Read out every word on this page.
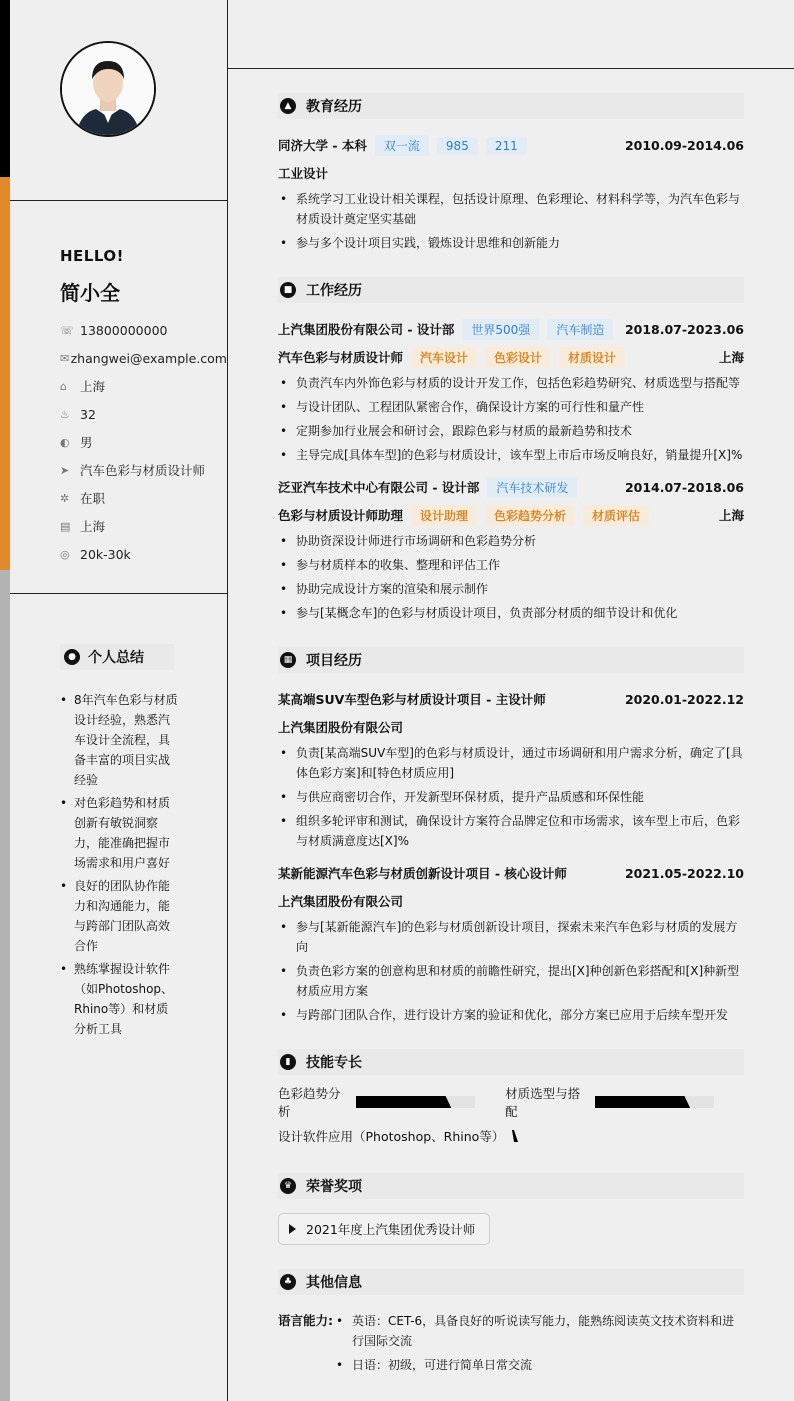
HELLO!
简小全
☏ 13800000000
✉ zhangwei@example.com
⌂	上海
♨ 32
◐ 男
➤ 汽车色彩与材质设计师
✲ 在职
▤ 上海
◎ 20k-30k
● 个人总结
• 8年汽车色彩与材质设计经验，熟悉汽车设计全流程，具备丰富的项目实战经验
• 对色彩趋势和材质创新有敏锐洞察力，能准确把握市场需求和用户喜好
• 良好的团队协作能力和沟通能力，能与跨部门团队高效合作
• 熟练掌握设计软件（如Photoshop、Rhino等）和材质分析工具
▲	教育经历
同济大学 - 本科	双一流 985 211	2010.09-2014.06
工业设计
• 系统学习工业设计相关课程，包括设计原理、色彩理论、材料科学等，为汽车色彩与材质设计奠定坚实基础
• 参与多个设计项目实践，锻炼设计思维和创新能力
■ 工作经历
上汽集团股份有限公司 - 设计部	世界500强	汽车制造	2018.07-2023.06
汽车色彩与材质设计师	汽车设计	色彩设计	材质设计	上海
• 负责汽车内外饰色彩与材质的设计开发工作，包括色彩趋势研究、材质选型与搭配等
• 与设计团队、工程团队紧密合作，确保设计方案的可行性和量产性
• 定期参加行业展会和研讨会，跟踪色彩与材质的最新趋势和技术
• 主导完成[具体车型]的色彩与材质设计，该车型上市后市场反响良好，销量提升[X]%
泛亚汽车技术中心有限公司 - 设计部	汽车技术研发	2014.07-2018.06
色彩与材质设计师助理	设计助理	色彩趋势分析	材质评估	上海
• 协助资深设计师进行市场调研和色彩趋势分析
• 参与材质样本的收集、整理和评估工作
• 协助完成设计方案的渲染和展示制作
• 参与[某概念车]的色彩与材质设计项目，负责部分材质的细节设计和优化
▦ 项目经历
某高端SUV车型色彩与材质设计项目 - 主设计师	2020.01-2022.12
上汽集团股份有限公司
• 负责[某高端SUV车型]的色彩与材质设计，通过市场调研和用户需求分析，确定了[具体色彩方案]和[特色材质应用]
• 与供应商密切合作，开发新型环保材质，提升产品质感和环保性能
• 组织多轮评审和测试，确保设计方案符合品牌定位和市场需求，该车型上市后，色彩与材质满意度达[X]%
某新能源汽车色彩与材质创新设计项目 - 核心设计师	2021.05-2022.10
上汽集团股份有限公司
• 参与[某新能源汽车]的色彩与材质创新设计项目，探索未来汽车色彩与材质的发展方向
• 负责色彩方案的创意构思和材质的前瞻性研究，提出[X]种创新色彩搭配和[X]种新型材质应用方案
• 与跨部门团队合作，进行设计方案的验证和优化，部分方案已应用于后续车型开发
▮	技能专长
色彩趋势分析
材质选型与搭配
设计软件应用（Photoshop、Rhino等）
♛ 荣誉奖项
2021年度上汽集团优秀设计师
♣ 其他信息
语言能力:
•	英语：CET-6，具备良好的听说读写能力，能熟练阅读英文技术资料和进行国际交流
• 日语：初级，可进行简单日常交流
